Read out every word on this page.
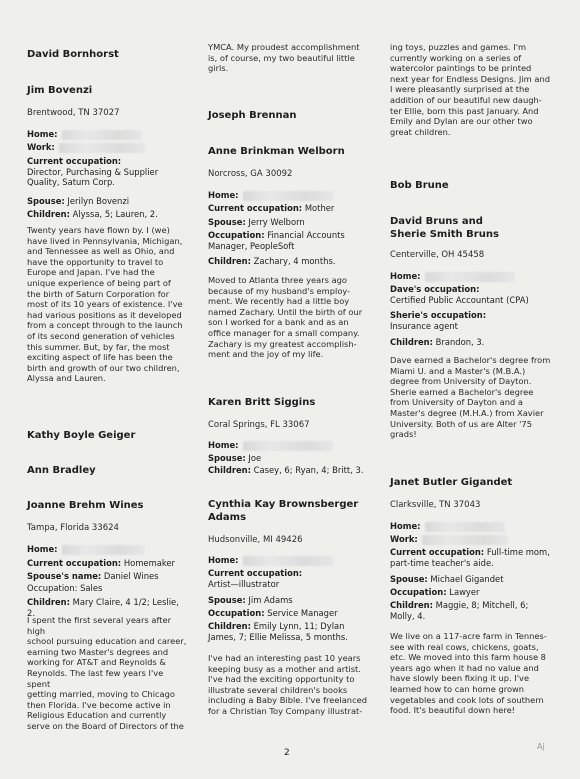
David Bornhorst
Jim Bovenzi
Brentwood, TN 37027
Home:
Work:
Current occupation:
Director, Purchasing & Supplier
Quality, Saturn Corp.
Spouse: Jerilyn Bovenzi
Children: Alyssa, 5; Lauren, 2.
Twenty years have flown by. I (we)
have lived in Pennsylvania, Michigan,
and Tennessee as well as Ohio, and
have the opportunity to travel to
Europe and Japan. I've had the
unique experience of being part of
the birth of Saturn Corporation for
most of its 10 years of existence. I've
had various positions as it developed
from a concept through to the launch
of its second generation of vehicles
this summer. But, by far, the most
exciting aspect of life has been the
birth and growth of our two children,
Alyssa and Lauren.
Kathy Boyle Geiger
Ann Bradley
Joanne Brehm Wines
Tampa, Florida 33624
Home:
Current occupation: Homemaker
Spouse's name: Daniel Wines
Occupation: Sales
Children: Mary Claire, 4 1/2; Leslie, 2.
I spent the first several years after high
school pursuing education and career,
earning two Master's degrees and
working for AT&T and Reynolds &
Reynolds. The last few years I've spent
getting married, moving to Chicago
then Florida. I've become active in
Religious Education and currently
serve on the Board of Directors of the
YMCA. My proudest accomplishment
is, of course, my two beautiful little
girls.
Joseph Brennan
Anne Brinkman Welborn
Norcross, GA 30092
Home:
Current occupation: Mother
Spouse: Jerry Welborn
Occupation: Financial Accounts
Manager, PeopleSoft
Children: Zachary, 4 months.
Moved to Atlanta three years ago
because of my husband's employ-
ment. We recently had a little boy
named Zachary. Until the birth of our
son I worked for a bank and as an
office manager for a small company.
Zachary is my greatest accomplish-
ment and the joy of my life.
Karen Britt Siggins
Coral Springs, FL 33067
Home:
Spouse: Joe
Children: Casey, 6; Ryan, 4; Britt, 3.
Cynthia Kay Brownsberger
Adams
Hudsonville, MI 49426
Home:
Current occupation:
Artist—illustrator
Spouse: Jim Adams
Occupation: Service Manager
Children: Emily Lynn, 11; Dylan
James, 7; Ellie Melissa, 5 months.
I've had an interesting past 10 years
keeping busy as a mother and artist.
I've had the exciting opportunity to
illustrate several children's books
including a Baby Bible. I've freelanced
for a Christian Toy Company illustrat-
ing toys, puzzles and games. I'm
currently working on a series of
watercolor paintings to be printed
next year for Endless Designs. Jim and
I were pleasantly surprised at the
addition of our beautiful new daugh-
ter Ellie, born this past January. And
Emily and Dylan are our other two
great children.
Bob Brune
David Bruns and
Sherie Smith Bruns
Centerville, OH 45458
Home:
Dave's occupation:
Certified Public Accountant (CPA)
Sherie's occupation:
Insurance agent
Children: Brandon, 3.
Dave earned a Bachelor's degree from
Miami U. and a Master's (M.B.A.)
degree from University of Dayton.
Sherie earned a Bachelor's degree
from University of Dayton and a
Master's degree (M.H.A.) from Xavier
University. Both of us are Alter '75
grads!
Janet Butler Gigandet
Clarksville, TN 37043
Home:
Work:
Current occupation: Full-time mom,
part-time teacher's aide.
Spouse: Michael Gigandet
Occupation: Lawyer
Children: Maggie, 8; Mitchell, 6;
Molly, 4.
We live on a 117-acre farm in Tennes-
see with real cows, chickens, goats,
etc. We moved into this farm house 8
years ago when it had no value and
have slowly been fixing it up. I've
learned how to can home grown
vegetables and cook lots of southern
food. It's beautiful down here!
2
Aj
